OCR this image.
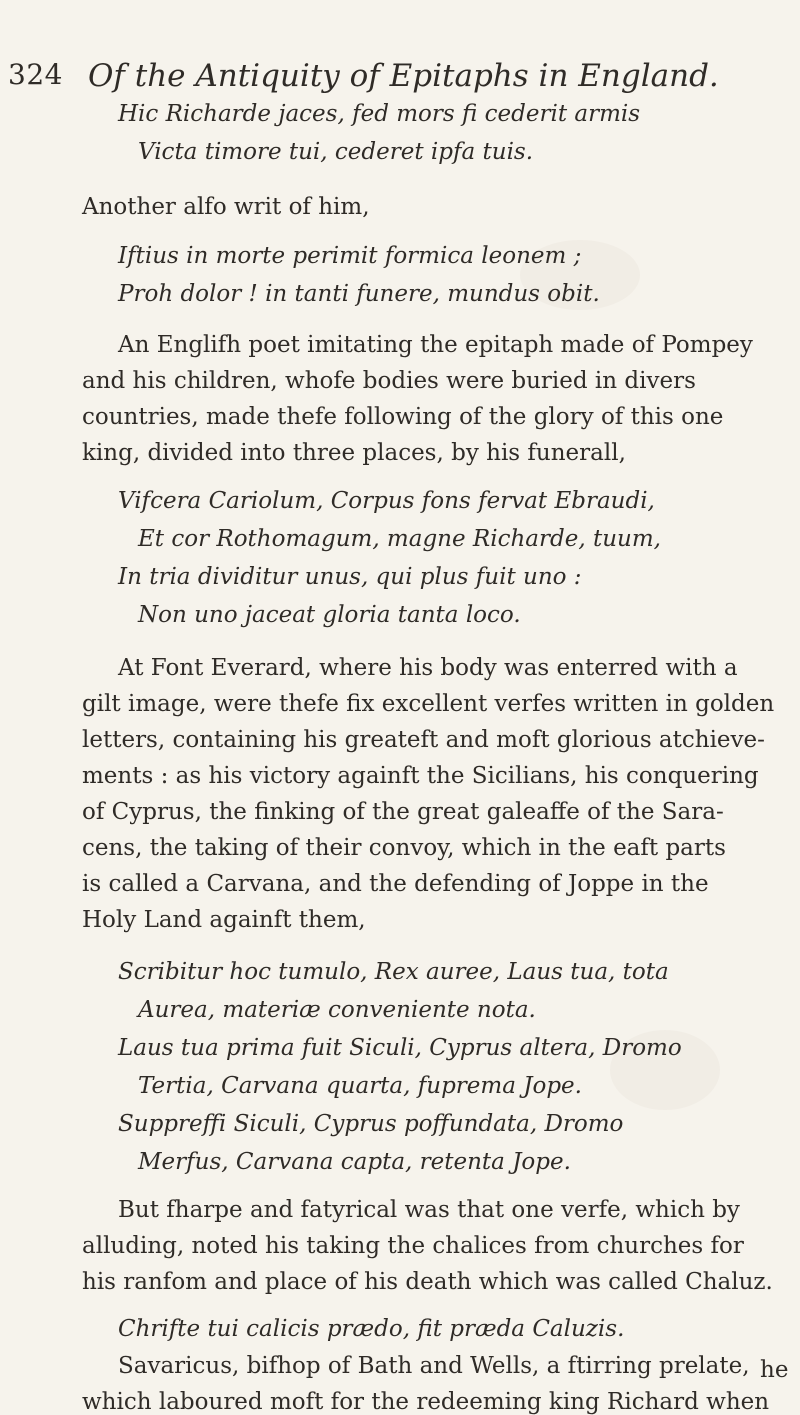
324 Of the Antiquity of Epitaphs in England.
Hic Richarde jaces, fed mors fi cederit armis
Victa timore tui, cederet ipfa tuis.
Another alfo writ of him,
Iftius in morte perimit formica leonem ;
Proh dolor ! in tanti funere, mundus obit.
An Englifh poet imitating the epitaph made of Pompey
and his children, whofe bodies were buried in divers
countries, made thefe following of the glory of this one
king, divided into three places, by his funerall,
Vifcera Cariolum, Corpus fons fervat Ebraudi,
Et cor Rothomagum, magne Richarde, tuum,
In tria dividitur unus, qui plus fuit uno :
Non uno jaceat gloria tanta loco.
At Font Everard, where his body was enterred with a
gilt image, were thefe fix excellent verfes written in golden
letters, containing his greateft and moft glorious atchieve-
ments : as his victory againft the Sicilians, his conquering
of Cyprus, the finking of the great galeaffe of the Sara-
cens, the taking of their convoy, which in the eaft parts
is called a Carvana, and the defending of Joppe in the
Holy Land againft them,
Scribitur hoc tumulo, Rex auree, Laus tua, tota
Aurea, materiæ conveniente nota.
Laus tua prima fuit Siculi, Cyprus altera, Dromo
Tertia, Carvana quarta, fuprema Jope.
Suppreffi Siculi, Cyprus poffundata, Dromo
Merfus, Carvana capta, retenta Jope.
But fharpe and fatyrical was that one verfe, which by
alluding, noted his taking the chalices from churches for
his ranfom and place of his death which was called Chaluz.
Chrifte tui calicis prædo, fit præda Caluzis.
Savaricus, bifhop of Bath and Wells, a ftirring prelate,
which laboured moft for the redeeming king Richard when
he
